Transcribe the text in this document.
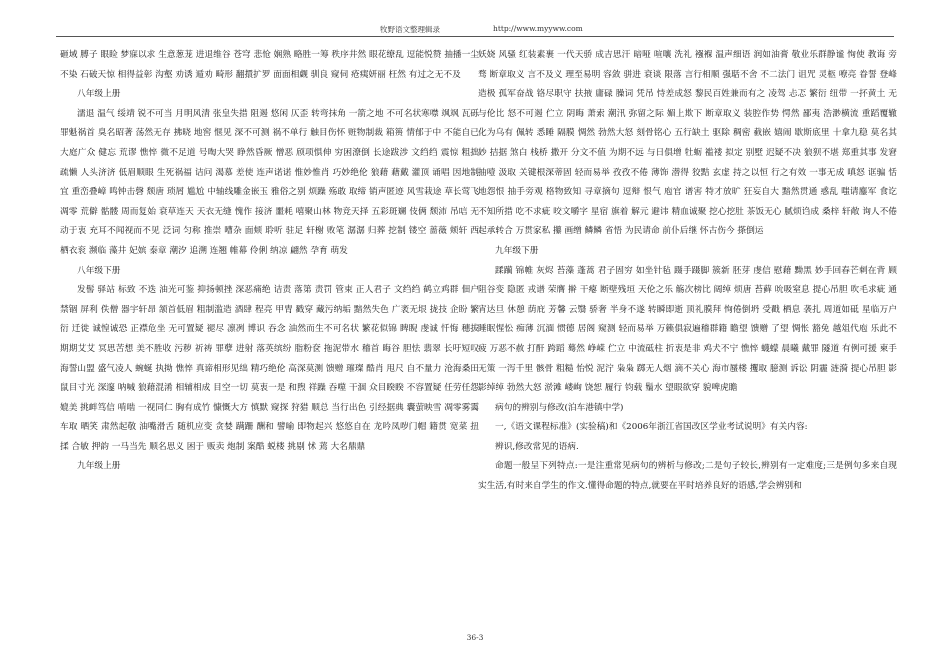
牧野语文整理辑录	http://www.myyww.com

砸域 膊子 眼睑 梦寐以求 生意葱茏 进退维谷 苍穹 悲怆 娴熟 略胜一筹 秩序井然 眼花缭乱 逗能悦赞 抽播一尘不染 石破天惊 相得益彰 沟壑 劝诱 遁劝 畸形 翻擐扩罗 面面相觑 驯良 窥伺 疮痍妍丽 枉然 有过之无不及

八年级上册

濡退 温气 绥靖 锐不可当 月明风清 张皇失措 阻遏 悠闲 仄歪 转弯抹角 一箭之地 不可名状寒噤 飒飒 瓦砾 罪魁祸首 臭名昭著 荡然无存 拂晓 地窖 惬见 深不可测 祸不单行 触目伤怀 赃物制裁 箱篑 情郁于中 不能自已 大庭广众 健忘 荒谬 憔悴 微不足道 号啕大哭 睁然昏厥 憎恶 颀项惧伸 穷困潦倒 长途跋涉 文绉绉 震惊 粗拙 疏懒 人头济济 低眉顺眼 生死祸福 诘问 渴慕 差使 连声诺诺 惟妙惟肖 巧妙绝伦 狼藉 藉戴 灌顶 诵唱 因地制宜 重峦叠嶂 鸣钟击磬 颓唐 琐屑 尴尬 中轴线雕金嵌玉 雅俗之别 烦躁 殇敢 取缔 销声匿迹 风雪栽途 草长莺飞 凋零 荒僻 骷髅 周而复始 衰草连天 天衣无缝 愧作 接济 噩耗 嘻聚山林 物竞天择 五彩斑斓 伎俩 颓沛 吊唁 无动于衷 充耳不闻视而不见 泛词 匀称 推崇 嘈杂 面颊 聆听 驻足 轩榭 败笔 潺潺 归葬 挖制 镂空 蔷薇 颊轩 西栖衣衮 濒临 藻井 妃嫔 泰章 潮汐 追溯 连翘 帷幕 伶俐 纳凉 翩然 孕育 萌发

八年级下册

发髻 驿站 标致 不迭 油光可鉴 抑扬顿挫 深恶痛绝 诘责 落第 责罚 管束 正人君子 文绉绉 鹤立鸡群 佃户 禁锢 屏利 佚僧 器宇轩昂 颔首低眉 粗制滥造 酒肆 程亮 甲胄 戳穿 藏污纳垢 黯然失色 广袤无垠 拢技 企盼 繁衍 迁徙 诚惶诚恐 正襟危坐 无可置疑 褪尽 凛冽 博识 吞念 油然而生不可名状 繁花似锦 睥睨 虔诚 忏悔 穗拔 期期艾艾 冥思苦想 美不胜收 污秽 祈祷 罪孽 进射 落英缤纷 脂粉奁 拖泥带水 稽首 晦谷 胆怯 翡翠 长吁短叹 海誓山盟 盛气凌人 蜿蜒 执拗 憔悴 真谛相形见绌 精巧绝伦 高深莫测 馈赠 璀璨 酷肖 甩尺 自不量力 沧海桑田 鼠目寸光 深邃 呐喊 狼藉混淆 相辅相成 目空一切 莫衷一是 和煦 祥躁 吞噬 干涸 众目睽睽 不容置疑 任劳任怨 媲美 挑衅笃信 啃啮 一视同仁 胸有成竹 慷慨大方 慎默 窥探 狩猎 顺总 当行出色 引经据典 囊萤映雪 凋零雾霭 车取 晒笑 肃然起敬 油嘴滑舌 随机应变 贪婪 蹒跚 酬和 譬喻 即物起兴 悠悠自在 龙吟凤哕门帽 籍贯 宽菜 扭揉 合敏 押韵 一马当先 顺名思义 困于 贩卖 炮制 案酷 蜕楼 挑剔 怵 蔫 大名鼎鼎

九年级上册

妖娆 风骚 红装素裹 一代天骄 成吉思汗 暗哑 喧嚷 洗礼 襁褓 温声细语 润如油膏 敬业乐群静谧 恂使 教诲 旁骛 断章取义 言不及义 理至易明 容敛 骈进 衰谈 限落 言行相顺 强聒不舍 不二法门 诅咒 灵柩 嘹亮 眷誓 登峰造极 孤军奋战 铬尽职守 扶掖 庸碌 臊词 凭吊 恃差成怒 黎民百姓兼而有之 凌驾 忐忑 繁衍 纽带 一抔黄土 无与伦比 怒不可遏 伫立 阴晦 萧索 潮汛 弥留之际 媚上欺下 断章取义 装腔作势 愕然 鄙夷 浩渺横流 重蹈覆辙 化为乌有 佩转 悉睡 隔膜 惆然 勃然大怒 刻骨铭心 五行缺土 驱除 稠密 截嵌 嬉闹 歇斯底里 十拿九稳 莫名其妙 拮据 煞白 栈桥 撒开 分文不值 为期不远 与日俱增 牡蛎 褴褛 拟定 别墅 迟疑不决 狼狈不堪 郑重其事 发窘 抽噎 汲取 关键根深蒂固 轻而易举 孜孜不倦 薄饰 潜得 狡黠 玄虚 持之以恒 行之有效 一事无成 嗔怒 诓骗 恬地怨恨 抽手旁观 格物致知 寻章摘句 逗辩 恨气 庖官 谱害 特才放旷 狂妄自大 黯然贯通 惑乱 嗤请鏖军 食讫 不知所措 吃不求疵 咬文嚼字 星宿 旗着 解元 避讳 精血诚聚 挖心挖肚 茶饭无心 腻烦诌成 桑梓 轩敞 询人不倦 起承转合 万贯家私 攥 画缯 鳞鳞 省悟 为民请命 前仆后继 怀古伤今 搽倒运

九年级下册

蹂躏 锦帷 灰烬 苔藻 蓬蒿 君子固穷 如坐针毡 蹑手蹑脚 簇新 胚芽 虔信 慰藉 黝黑 妙手回春芒刺在背 顾阻谷变 隐匿 戎谱 荣膺 擀 干瘪 断壁残垣 天伦之乐 觞次榜比 阔绰 烦唐 苔藓 吮吸窒息 提心吊胆 吹毛求疵 通宵达旦 休憩 荫庇 芳馨 云翳 骄奢 半身不遂 转瞬即逝 顶礼膜拜 恂倦倒坍 受戳 栖息 袭扎 周道如砥 星临万户 睡眠惺忪 痴薄 沉湎 惯德 居阁 窥测 轻而易举 万籁俱寂遍稽群籍 瞻望 馈赠 了望 惆怅 豁免 越俎代庖 乐此不疲 万恶不赦 打酐 跨蹈 蓦然 峥嵘 伫立 中流砥柱 折衷是非 鸡犬不宁 憔悴 蠛蠓 晨曦 戴罪 隧道 有例可援 柬手无策 一泻千里 骸骨 粗糙 怡悦 泥泞 枭枭 踯无人烟 滴不关心 海市蜃楼 攫取 臆测 诉讼 阴霾 涟漪 提心吊胆 影影绰绰 勃然大怒 淤滩 嵝峋 饶恕 履行 钧载 鬚水 望眼欲穿 貌啤虎瞻

病句的辨别与修改(泊车港镇中学)

一,《语文课程标准》(实验稿)和《2006年浙江省国改区学业考试说明》有关内容:

辨识,修改常见的语病.

命题一般呈下列特点:一是注重常见病句的辨析与修改;二是句子较长,辨别有一定难度;三是例句多来自现实生活,有时来自学生的作文.懂得命题的特点,就要在平时培养良好的语感,学会辨别和

36-3
